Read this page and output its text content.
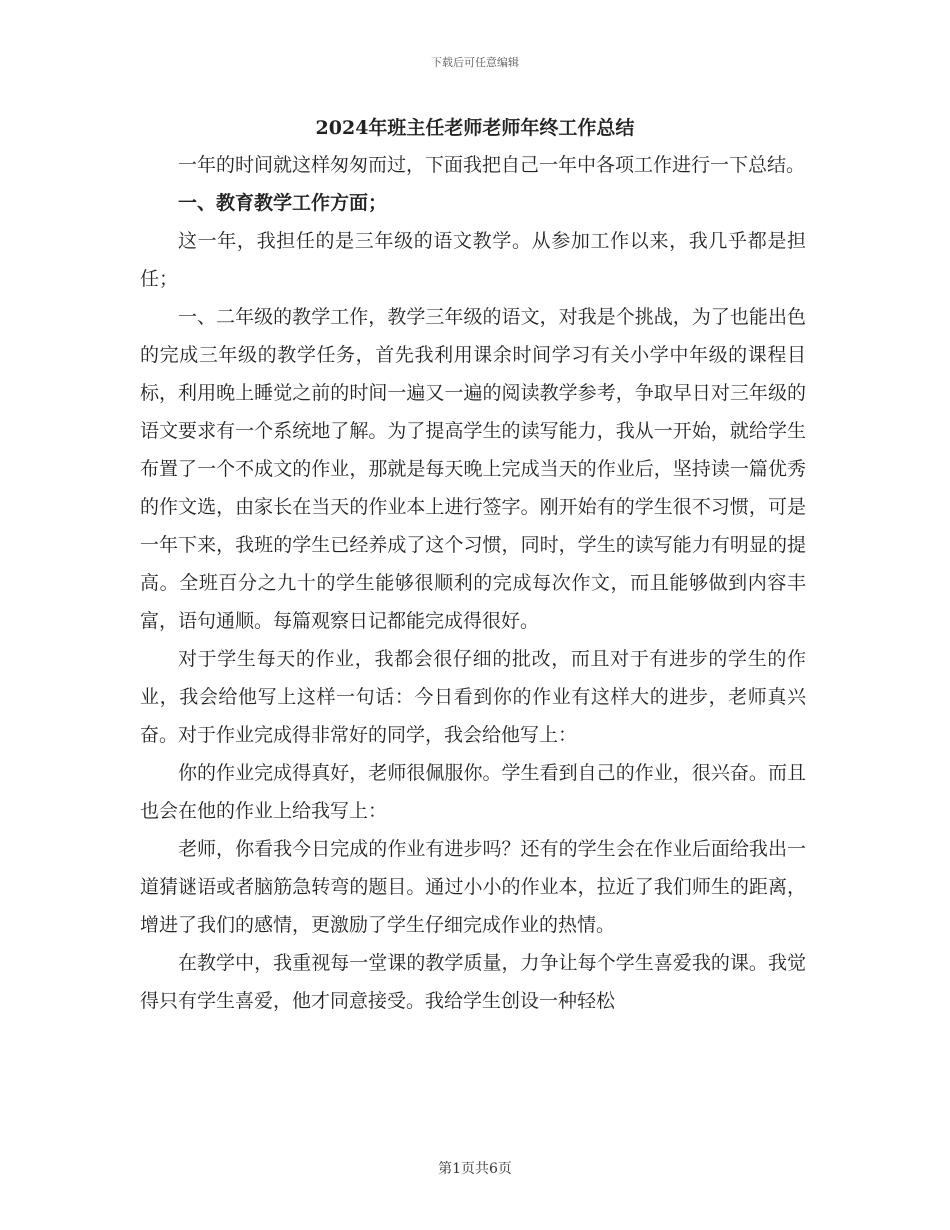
下载后可任意编辑
2024年班主任老师老师年终工作总结

一年的时间就这样匆匆而过，下面我把自己一年中各项工作进行一下总结。

一、教育教学工作方面；

这一年，我担任的是三年级的语文教学。从参加工作以来，我几乎都是担任；

一、二年级的教学工作，教学三年级的语文，对我是个挑战，为了也能出色的完成三年级的教学任务，首先我利用课余时间学习有关小学中年级的课程目标，利用晚上睡觉之前的时间一遍又一遍的阅读教学参考，争取早日对三年级的语文要求有一个系统地了解。为了提高学生的读写能力，我从一开始，就给学生布置了一个不成文的作业，那就是每天晚上完成当天的作业后，坚持读一篇优秀的作文选，由家长在当天的作业本上进行签字。刚开始有的学生很不习惯，可是一年下来，我班的学生已经养成了这个习惯，同时，学生的读写能力有明显的提高。全班百分之九十的学生能够很顺利的完成每次作文，而且能够做到内容丰富，语句通顺。每篇观察日记都能完成得很好。

对于学生每天的作业，我都会很仔细的批改，而且对于有进步的学生的作业，我会给他写上这样一句话：今日看到你的作业有这样大的进步，老师真兴奋。对于作业完成得非常好的同学，我会给他写上：

你的作业完成得真好，老师很佩服你。学生看到自己的作业，很兴奋。而且也会在他的作业上给我写上：

老师，你看我今日完成的作业有进步吗？还有的学生会在作业后面给我出一道猜谜语或者脑筋急转弯的题目。通过小小的作业本，拉近了我们师生的距离，增进了我们的感情，更激励了学生仔细完成作业的热情。

在教学中，我重视每一堂课的教学质量，力争让每个学生喜爱我的课。我觉得只有学生喜爱，他才同意接受。我给学生创设一种轻松

第1页共6页
